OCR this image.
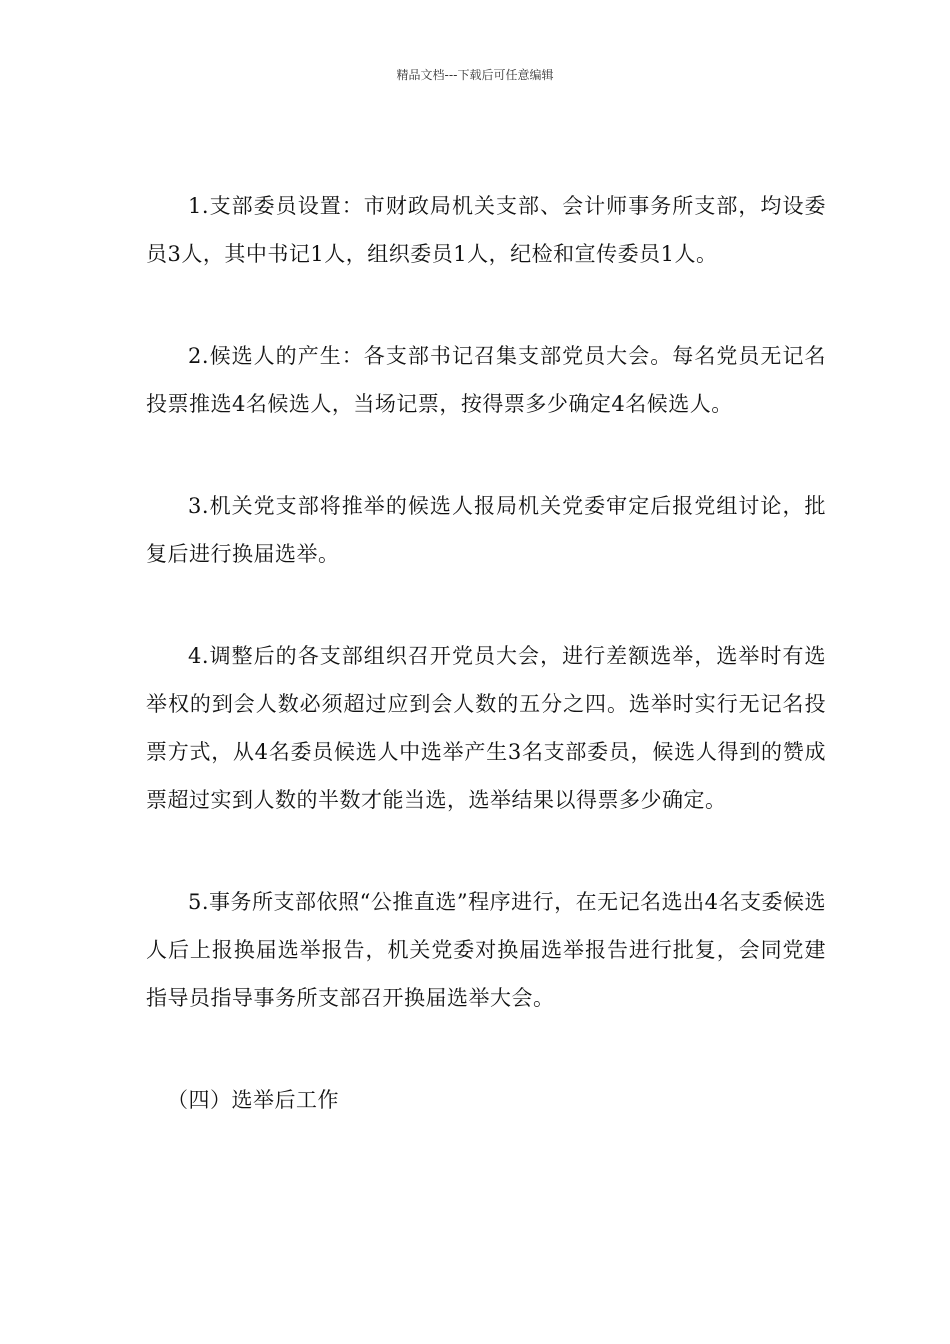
精品文档---下载后可任意编辑

1.支部委员设置：市财政局机关支部、会计师事务所支部，均设委员3人，其中书记1人，组织委员1人，纪检和宣传委员1人。

2.候选人的产生：各支部书记召集支部党员大会。每名党员无记名投票推选4名候选人，当场记票，按得票多少确定4名候选人。

3.机关党支部将推举的候选人报局机关党委审定后报党组讨论，批复后进行换届选举。

4.调整后的各支部组织召开党员大会，进行差额选举，选举时有选举权的到会人数必须超过应到会人数的五分之四。选举时实行无记名投票方式，从4名委员候选人中选举产生3名支部委员，候选人得到的赞成票超过实到人数的半数才能当选，选举结果以得票多少确定。

5.事务所支部依照“公推直选”程序进行，在无记名选出4名支委候选人后上报换届选举报告，机关党委对换届选举报告进行批复，会同党建指导员指导事务所支部召开换届选举大会。

（四）选举后工作
